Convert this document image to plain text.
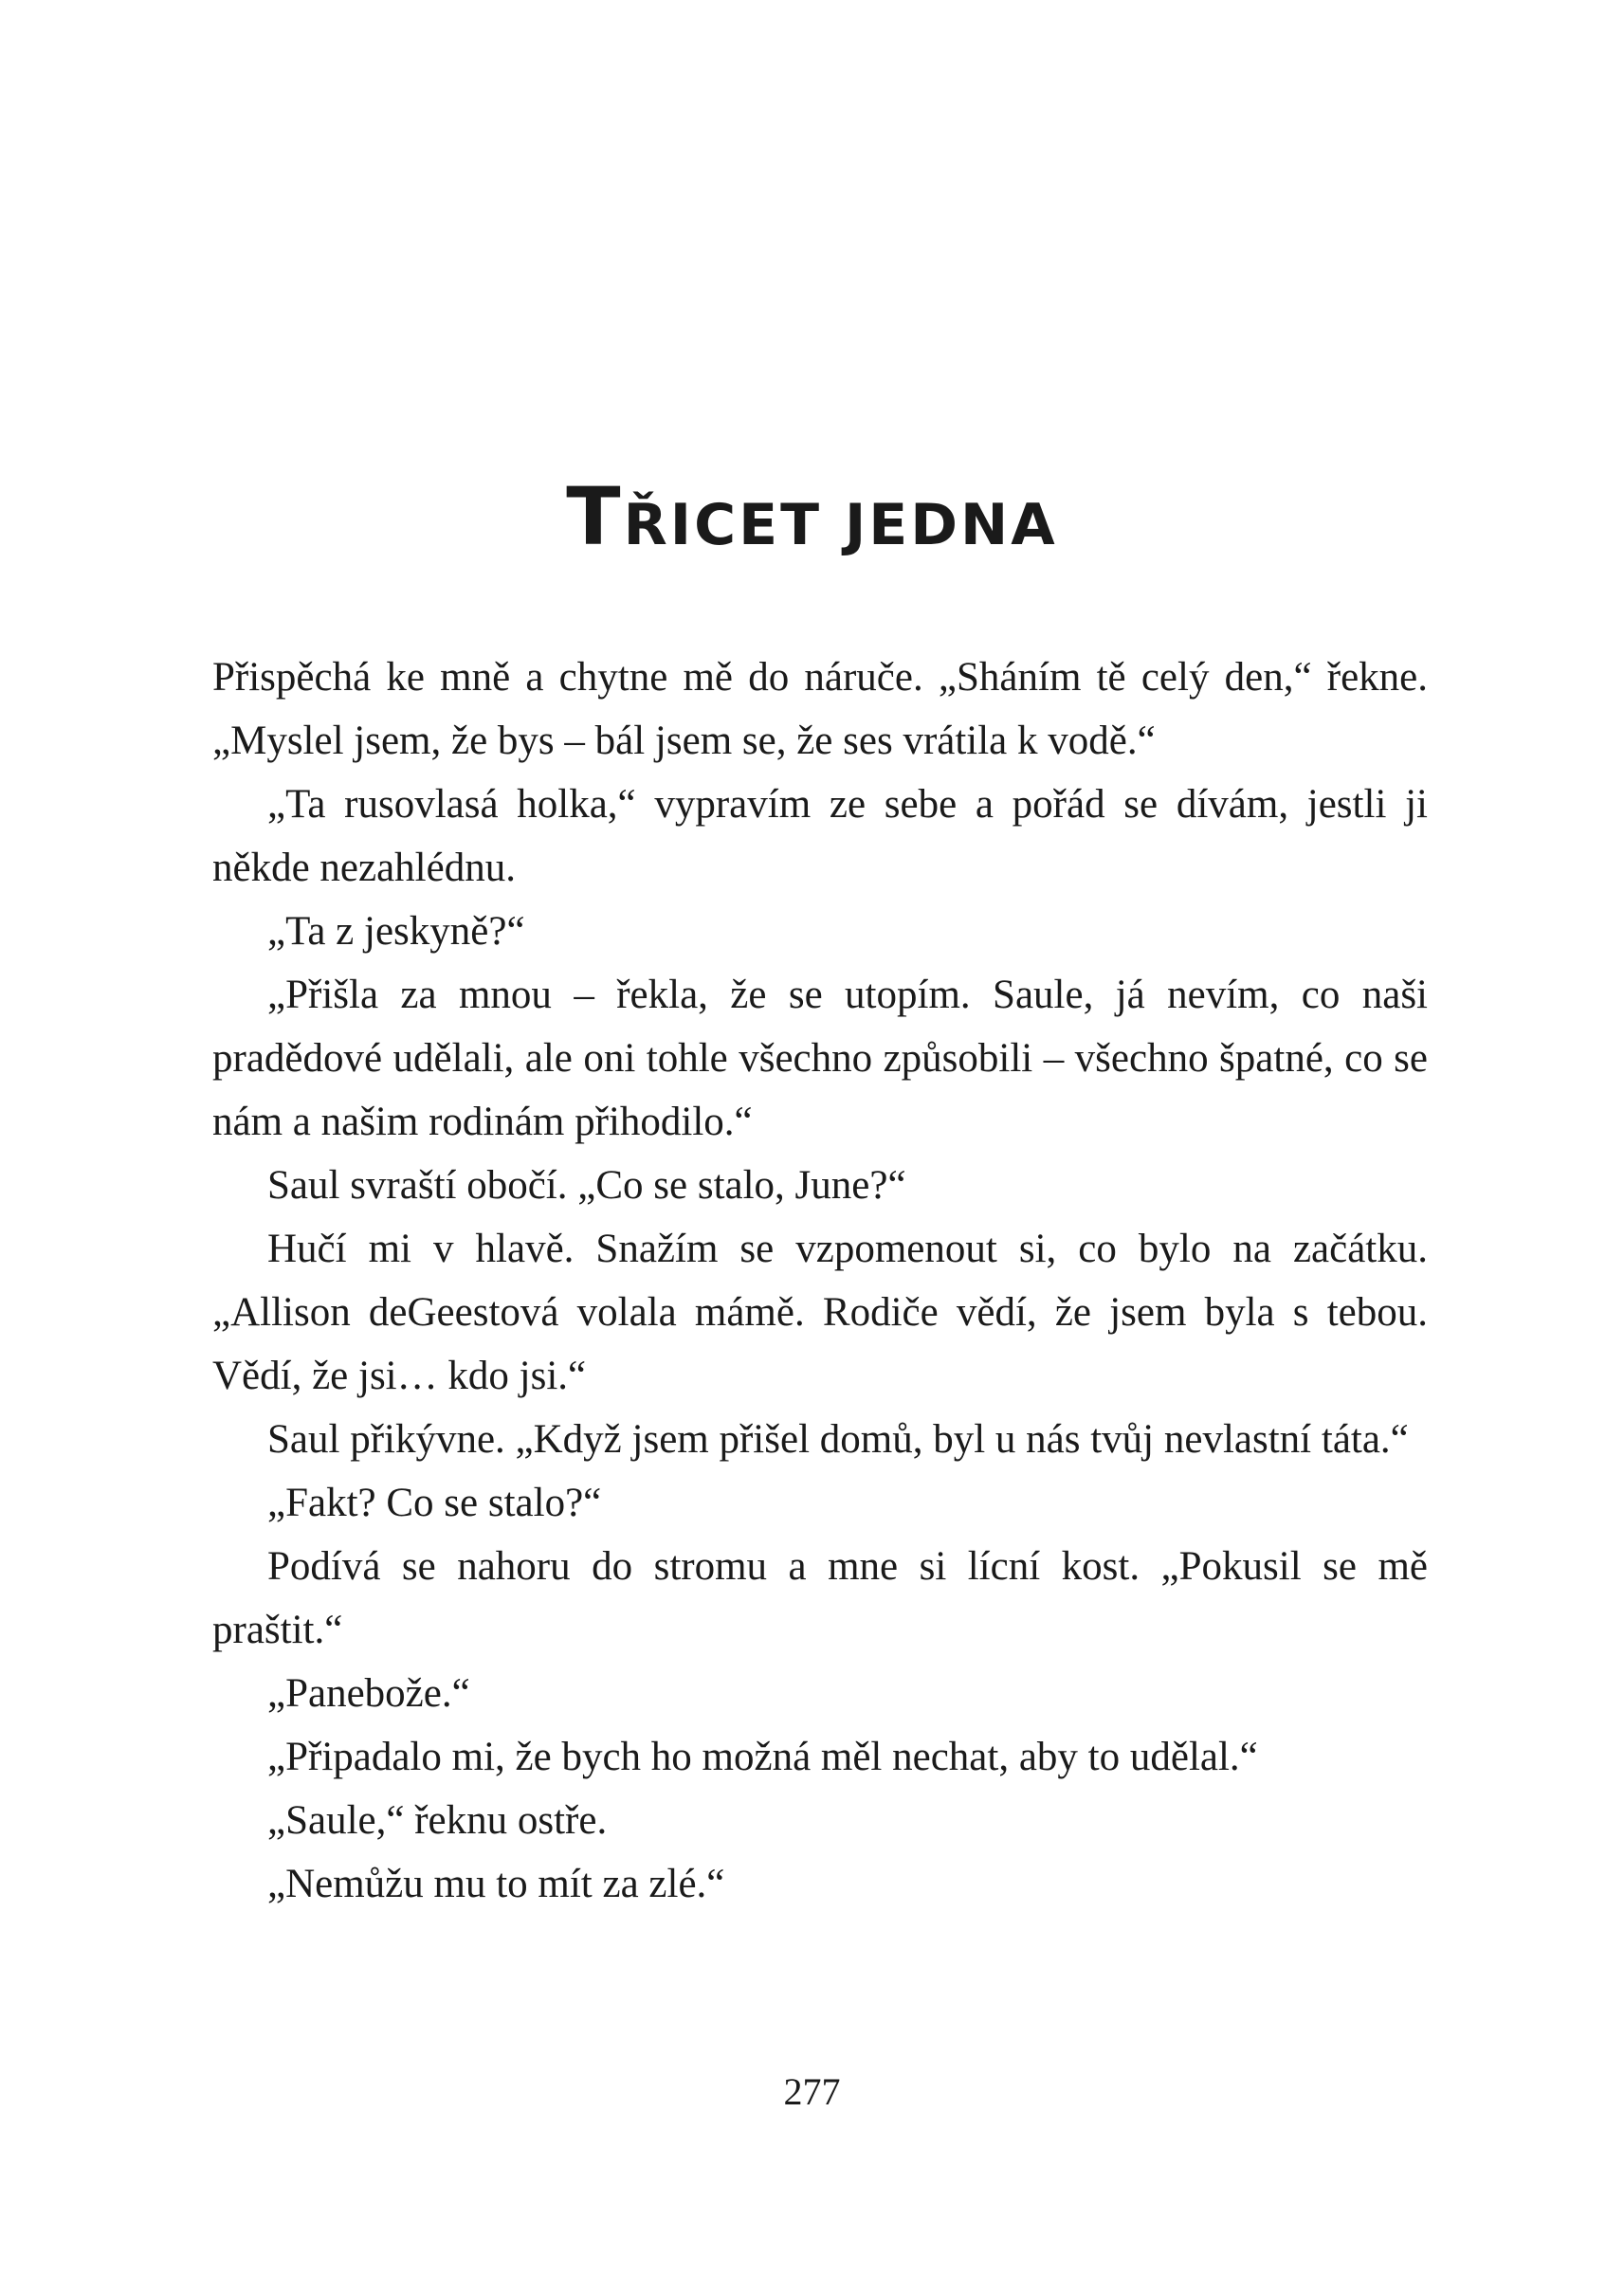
TŘICET JEDNA

Přispěchá ke mně a chytne mě do náruče. „Sháním tě celý den,“ řekne. „Myslel jsem, že bys – bál jsem se, že ses vrátila k vodě.“

„Ta rusovlasá holka,“ vypravím ze sebe a pořád se dívám, jestli ji někde nezahlédnu.

„Ta z jeskyně?“

„Přišla za mnou – řekla, že se utopím. Saule, já nevím, co naši pradědové udělali, ale oni tohle všechno způsobili – všechno špatné, co se nám a našim rodinám přihodilo.“

Saul svraští obočí. „Co se stalo, June?“

Hučí mi v hlavě. Snažím se vzpomenout si, co bylo na začátku. „Allison deGeestová volala mámě. Rodiče vědí, že jsem byla s tebou. Vědí, že jsi… kdo jsi.“

Saul přikývne. „Když jsem přišel domů, byl u nás tvůj nevlastní táta.“

„Fakt? Co se stalo?“

Podívá se nahoru do stromu a mne si lícní kost. „Pokusil se mě praštit.“

„Panebože.“

„Připadalo mi, že bych ho možná měl nechat, aby to udělal.“

„Saule,“ řeknu ostře.

„Nemůžu mu to mít za zlé.“

277
